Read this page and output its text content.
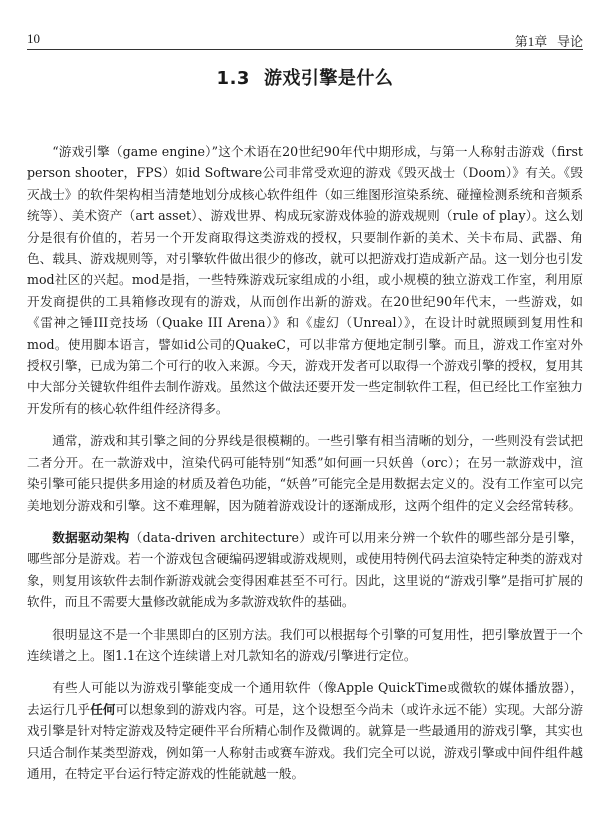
10	第1章 导论
1.3 游戏引擎是什么

“游戏引擎（game engine）”这个术语在20世纪90年代中期形成，与第一人称射击游戏（first person shooter，FPS）如id Software公司非常受欢迎的游戏《毁灭战士（Doom）》有关。《毁灭战士》的软件架构相当清楚地划分成核心软件组件（如三维图形渲染系统、碰撞检测系统和音频系统等）、美术资产（art asset）、游戏世界、构成玩家游戏体验的游戏规则（rule of play）。这么划分是很有价值的，若另一个开发商取得这类游戏的授权，只要制作新的美术、关卡布局、武器、角色、载具、游戏规则等，对引擎软件做出很少的修改，就可以把游戏打造成新产品。这一划分也引发mod社区的兴起。mod是指，一些特殊游戏玩家组成的小组，或小规模的独立游戏工作室，利用原开发商提供的工具箱修改现有的游戏，从而创作出新的游戏。在20世纪90年代末，一些游戏，如《雷神之锤III竞技场（Quake III Arena）》和《虚幻（Unreal）》，在设计时就照顾到复用性和mod。使用脚本语言，譬如id公司的QuakeC，可以非常方便地定制引擎。而且，游戏工作室对外授权引擎，已成为第二个可行的收入来源。今天，游戏开发者可以取得一个游戏引擎的授权，复用其中大部分关键软件组件去制作游戏。虽然这个做法还要开发一些定制软件工程，但已经比工作室独力开发所有的核心软件组件经济得多。

通常，游戏和其引擎之间的分界线是很模糊的。一些引擎有相当清晰的划分，一些则没有尝试把二者分开。在一款游戏中，渲染代码可能特别“知悉”如何画一只妖兽（orc）；在另一款游戏中，渲染引擎可能只提供多用途的材质及着色功能，“妖兽”可能完全是用数据去定义的。没有工作室可以完美地划分游戏和引擎。这不难理解，因为随着游戏设计的逐渐成形，这两个组件的定义会经常转移。

数据驱动架构（data-driven architecture）或许可以用来分辨一个软件的哪些部分是引擎，哪些部分是游戏。若一个游戏包含硬编码逻辑或游戏规则，或使用特例代码去渲染特定种类的游戏对象，则复用该软件去制作新游戏就会变得困难甚至不可行。因此，这里说的“游戏引擎”是指可扩展的软件，而且不需要大量修改就能成为多款游戏软件的基础。

很明显这不是一个非黑即白的区别方法。我们可以根据每个引擎的可复用性，把引擎放置于一个连续谱之上。图1.1在这个连续谱上对几款知名的游戏/引擎进行定位。

有些人可能以为游戏引擎能变成一个通用软件（像Apple QuickTime或微软的媒体播放器），去运行几乎任何可以想象到的游戏内容。可是，这个设想至今尚未（或许永远不能）实现。大部分游戏引擎是针对特定游戏及特定硬件平台所精心制作及微调的。就算是一些最通用的游戏引擎，其实也只适合制作某类型游戏，例如第一人称射击或赛车游戏。我们完全可以说，游戏引擎或中间件组件越通用，在特定平台运行特定游戏的性能就越一般。
